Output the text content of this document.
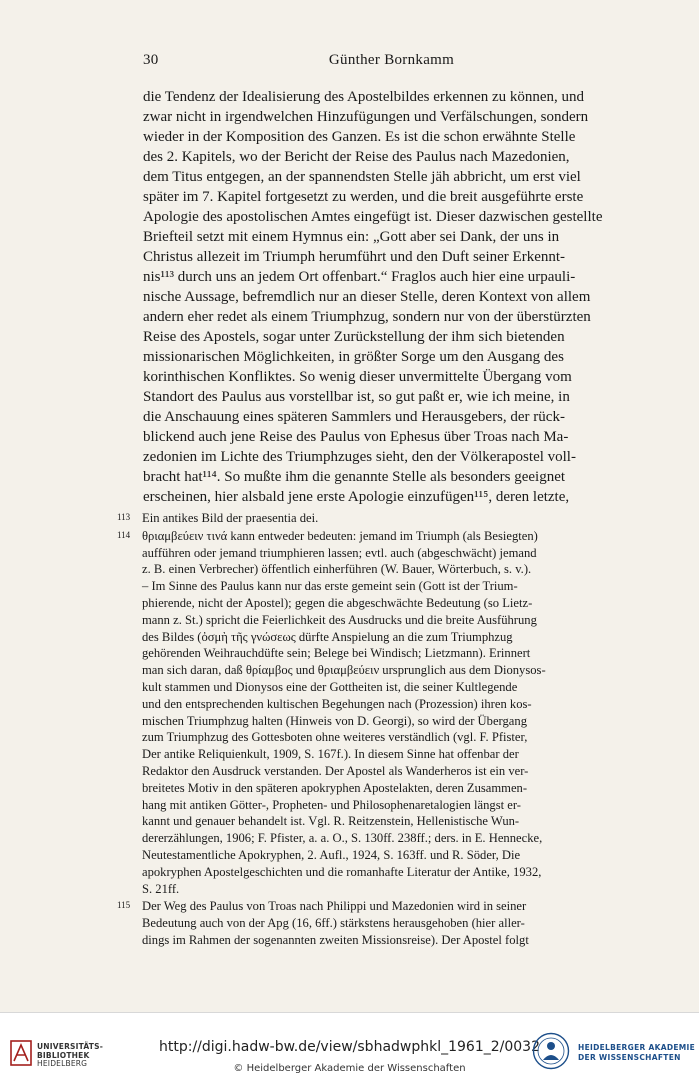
30	Günther Bornkamm
die Tendenz der Idealisierung des Apostelbildes erkennen zu können, und
zwar nicht in irgendwelchen Hinzufügungen und Verfälschungen, sondern
wieder in der Komposition des Ganzen. Es ist die schon erwähnte Stelle
des 2. Kapitels, wo der Bericht der Reise des Paulus nach Mazedonien,
dem Titus entgegen, an der spannendsten Stelle jäh abbricht, um erst viel
später im 7. Kapitel fortgesetzt zu werden, und die breit ausgeführte erste
Apologie des apostolischen Amtes eingefügt ist. Dieser dazwischen gestellte
Briefteil setzt mit einem Hymnus ein: „Gott aber sei Dank, der uns in
Christus allezeit im Triumph herumführt und den Duft seiner Erkennt-
nis¹¹³ durch uns an jedem Ort offenbart.“ Fraglos auch hier eine urpauli-
nische Aussage, befremdlich nur an dieser Stelle, deren Kontext von allem
andern eher redet als einem Triumphzug, sondern nur von der überstürzten
Reise des Apostels, sogar unter Zurückstellung der ihm sich bietenden
missionarischen Möglichkeiten, in größter Sorge um den Ausgang des
korinthischen Konfliktes. So wenig dieser unvermittelte Übergang vom
Standort des Paulus aus vorstellbar ist, so gut paßt er, wie ich meine, in
die Anschauung eines späteren Sammlers und Herausgebers, der rück-
blickend auch jene Reise des Paulus von Ephesus über Troas nach Ma-
zedonien im Lichte des Triumphzuges sieht, den der Völkerapostel voll-
bracht hat¹¹⁴. So mußte ihm die genannte Stelle als besonders geeignet
erscheinen, hier alsbald jene erste Apologie einzufügen¹¹⁵, deren letzte,
113 Ein antikes Bild der praesentia dei.
114 θριαμβεύειν τινά kann entweder bedeuten: jemand im Triumph (als Besiegten)
aufführen oder jemand triumphieren lassen; evtl. auch (abgeschwächt) jemand
z. B. einen Verbrecher) öffentlich einherführen (W. Bauer, Wörterbuch, s. v.).
– Im Sinne des Paulus kann nur das erste gemeint sein (Gott ist der Trium-
phierende, nicht der Apostel); gegen die abgeschwächte Bedeutung (so Lietz-
mann z. St.) spricht die Feierlichkeit des Ausdrucks und die breite Ausführung
des Bildes (ὀσμὴ τῆς γνώσεως dürfte Anspielung an die zum Triumphzug
gehörenden Weihrauchdüfte sein; Belege bei Windisch; Lietzmann). Erinnert
man sich daran, daß θρίαμβος und θριαμβεύειν ursprunglich aus dem Dionysos-
kult stammen und Dionysos eine der Gottheiten ist, die seiner Kultlegende
und den entsprechenden kultischen Begehungen nach (Prozession) ihren kos-
mischen Triumphzug halten (Hinweis von D. Georgi), so wird der Übergang
zum Triumphzug des Gottesboten ohne weiteres verständlich (vgl. F. Pfister,
Der antike Reliquienkult, 1909, S. 167f.). In diesem Sinne hat offenbar der
Redaktor den Ausdruck verstanden. Der Apostel als Wanderheros ist ein ver-
breitetes Motiv in den späteren apokryphen Apostelakten, deren Zusammen-
hang mit antiken Götter-, Propheten- und Philosophenaretalogien längst er-
kannt und genauer behandelt ist. Vgl. R. Reitzenstein, Hellenistische Wun-
dererzählungen, 1906; F. Pfister, a. a. O., S. 130ff. 238ff.; ders. in E. Hennecke,
Neutestamentliche Apokryphen, 2. Aufl., 1924, S. 163ff. und R. Söder, Die
apokryphen Apostelgeschichten und die romanhafte Literatur der Antike, 1932,
S. 21ff.
115 Der Weg des Paulus von Troas nach Philippi und Mazedonien wird in seiner
Bedeutung auch von der Apg (16, 6ff.) stärkstens herausgehoben (hier aller-
dings im Rahmen der sogenannten zweiten Missionsreise). Der Apostel folgt
UNIVERSITÄTS-
BIBLIOTHEK
HEIDELBERG
http://digi.hadw-bw.de/view/sbhadwphkl_1961_2/0032
© Heidelberger Akademie der Wissenschaften
HEIDELBERGER AKADEMIE
DER WISSENSCHAFTEN
